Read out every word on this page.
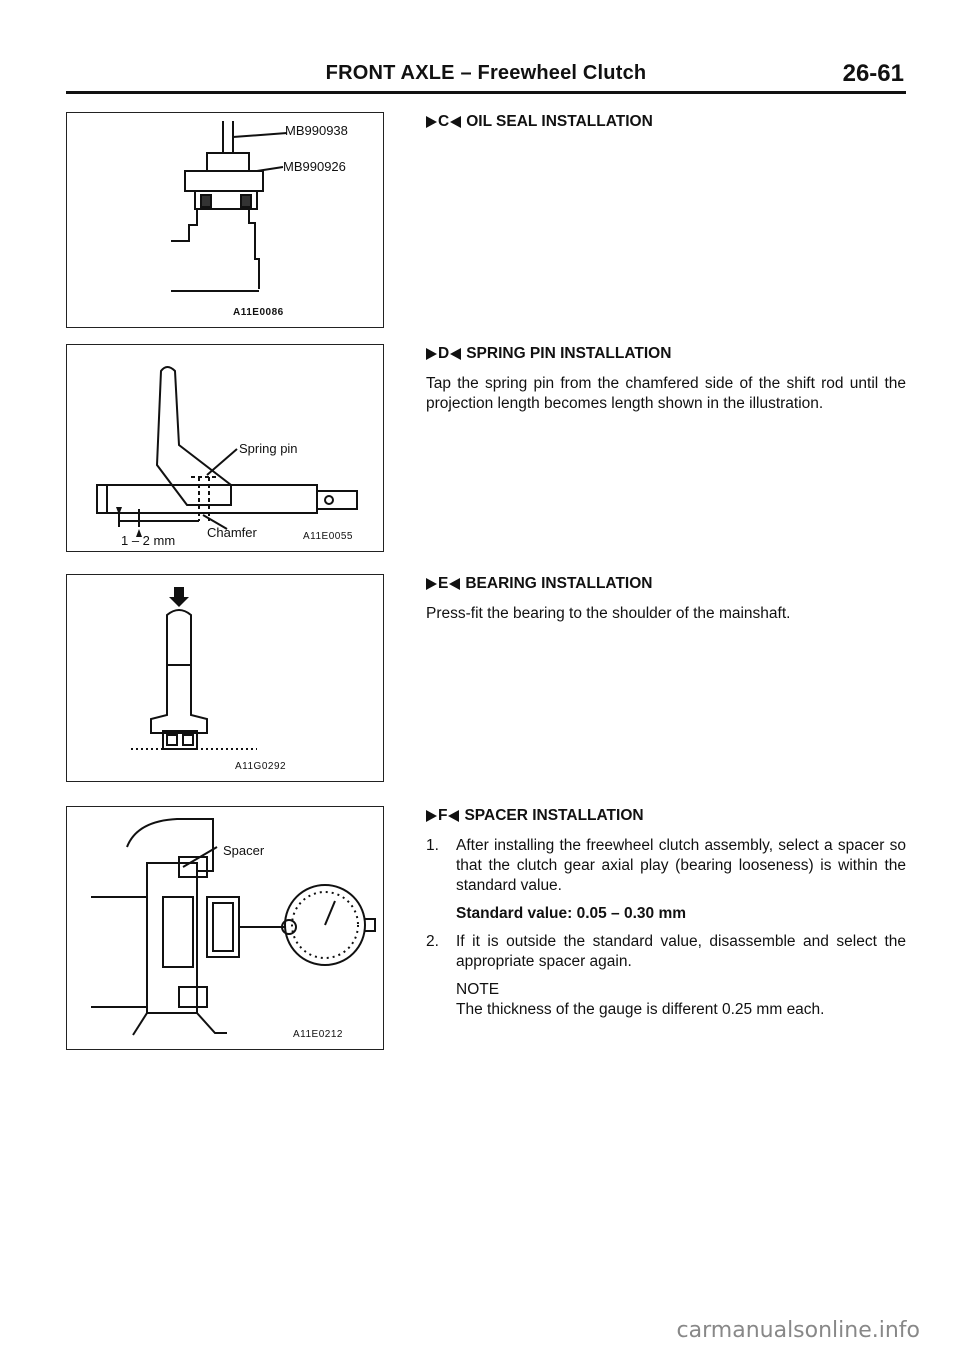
FRONT AXLE – Freewheel Clutch	26-61
MB990938
MB990926
A11E0086
Spring pin
Chamfer
1 – 2 mm	A11E0055
A11G0292
Spacer
A11E0212
C OIL SEAL INSTALLATION
D SPRING PIN INSTALLATION
Tap the spring pin from the chamfered side of the shift rod until the projection length becomes length shown in the illustration.
E BEARING INSTALLATION
Press-fit the bearing to the shoulder of the mainshaft.
F SPACER INSTALLATION
1.	After installing the freewheel clutch assembly, select a spacer so that the clutch gear axial play (bearing looseness) is within the standard value.
Standard value: 0.05 – 0.30 mm
2.	If it is outside the standard value, disassemble and select the appropriate spacer again.
NOTE
The thickness of the gauge is different 0.25 mm each.
carmanualsonline.info
